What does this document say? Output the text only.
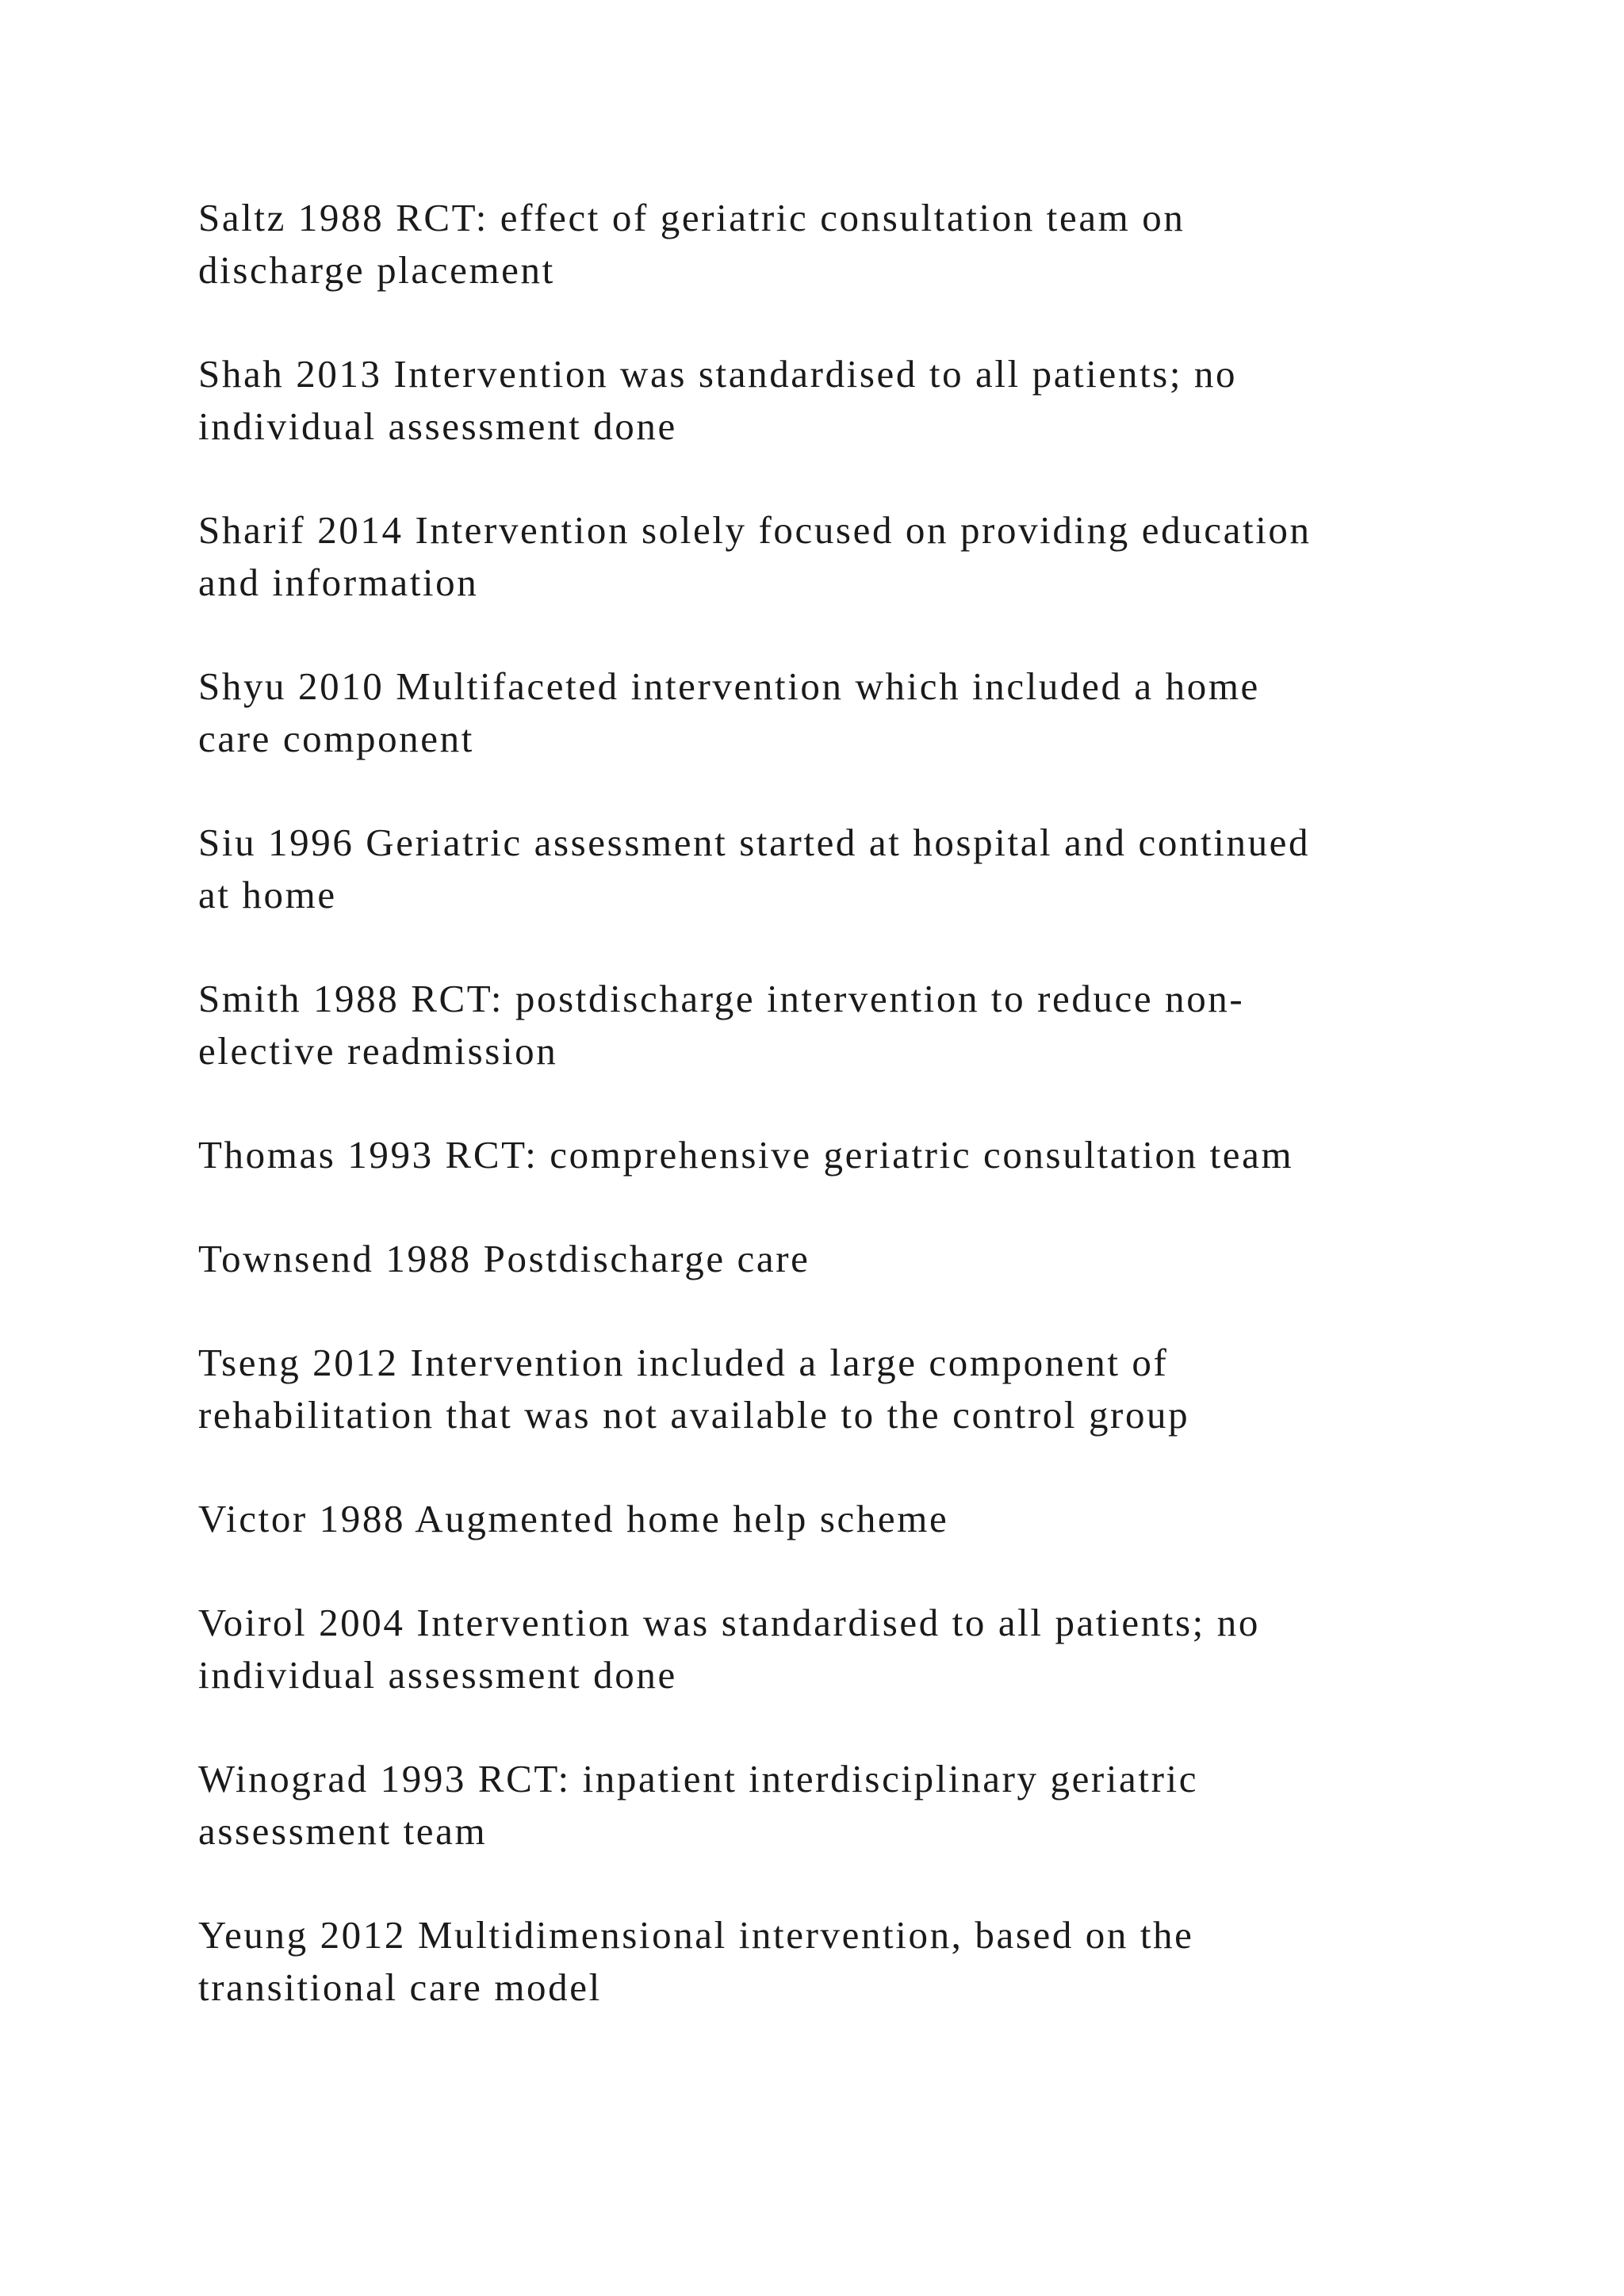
Saltz 1988 RCT: effect of geriatric consultation team on
discharge placement

Shah 2013 Intervention was standardised to all patients; no
individual assessment done

Sharif 2014 Intervention solely focused on providing education
and information

Shyu 2010 Multifaceted intervention which included a home
care component

Siu 1996 Geriatric assessment started at hospital and continued
at home

Smith 1988 RCT: postdischarge intervention to reduce non-
elective readmission

Thomas 1993 RCT: comprehensive geriatric consultation team

Townsend 1988 Postdischarge care

Tseng 2012 Intervention included a large component of
rehabilitation that was not available to the control group

Victor 1988 Augmented home help scheme

Voirol 2004 Intervention was standardised to all patients; no
individual assessment done

Winograd 1993 RCT: inpatient interdisciplinary geriatric
assessment team

Yeung 2012 Multidimensional intervention, based on the
transitional care model
